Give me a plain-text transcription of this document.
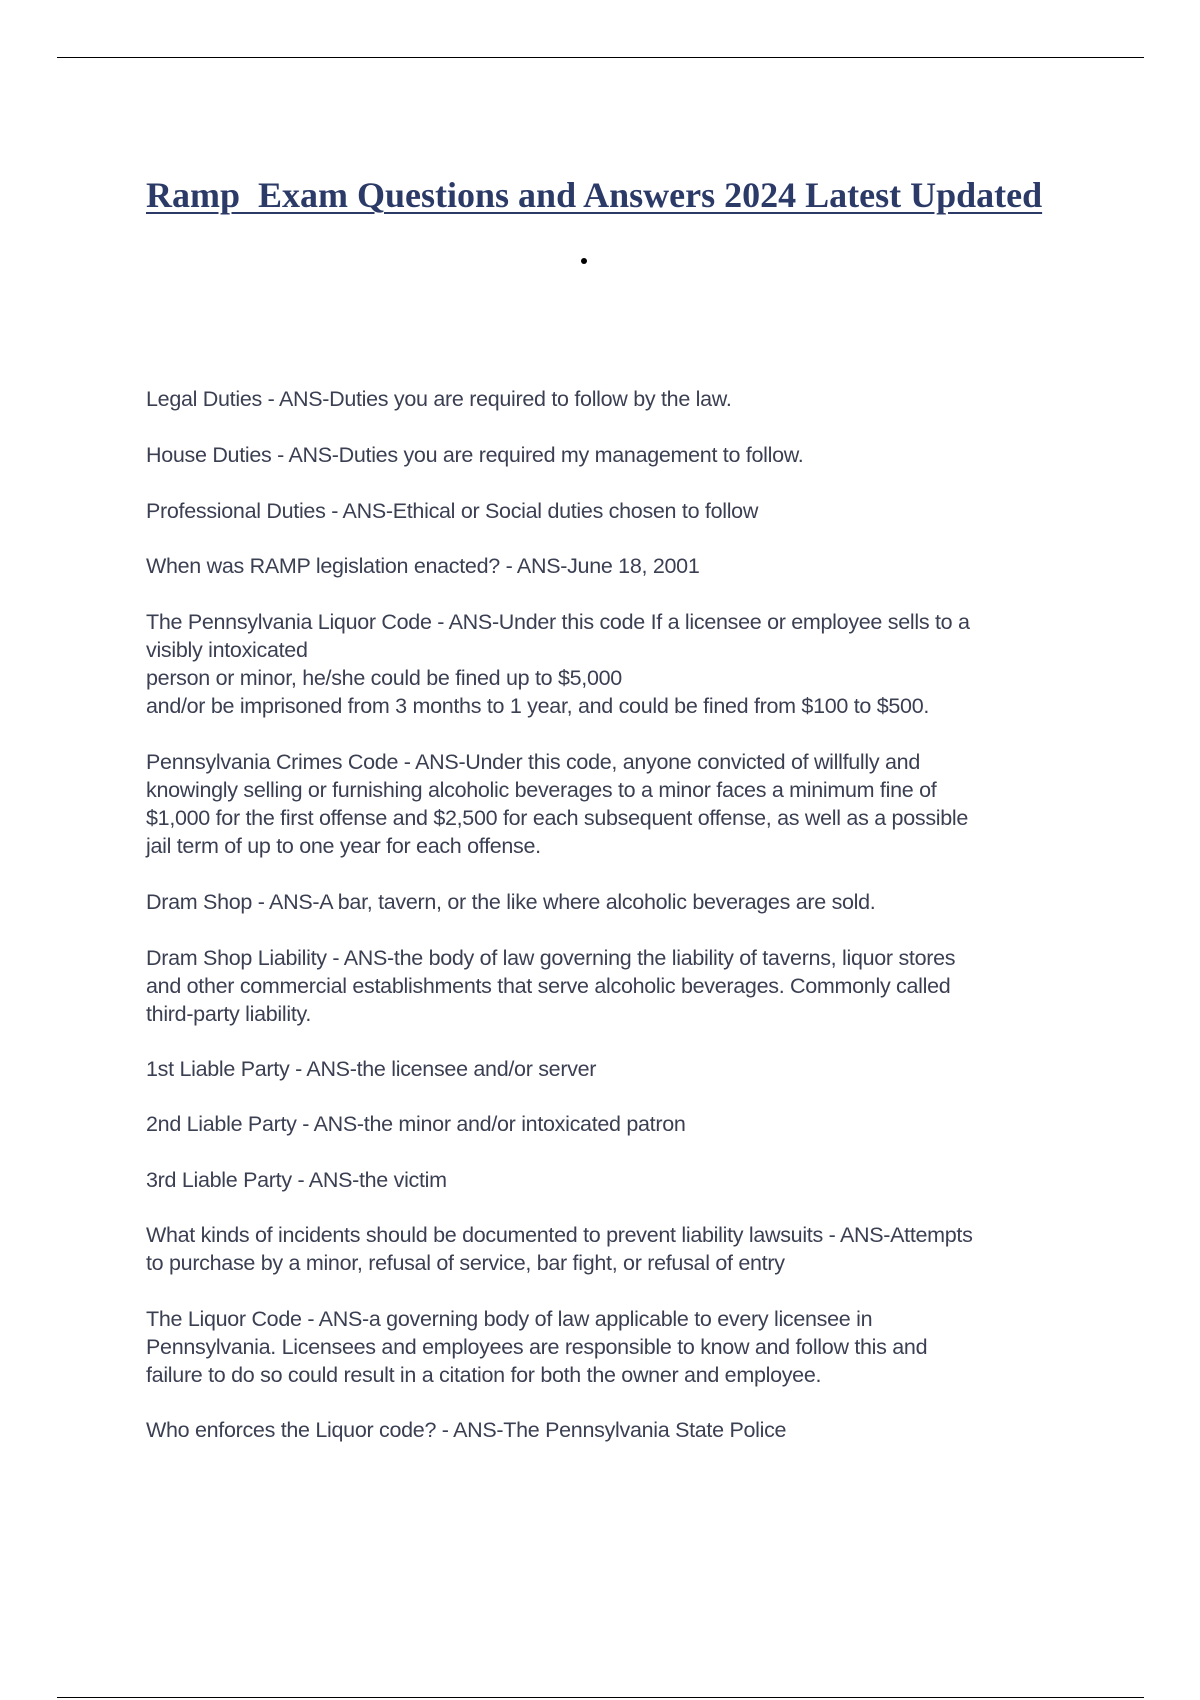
Ramp  Exam Questions and Answers 2024 Latest Updated
Legal Duties - ANS-Duties you are required to follow by the law.
House Duties - ANS-Duties you are required my management to follow.
Professional Duties - ANS-Ethical or Social duties chosen to follow
When was RAMP legislation enacted? - ANS-June 18, 2001
The Pennsylvania Liquor Code - ANS-Under this code If a licensee or employee sells to a
visibly intoxicated
person or minor, he/she could be fined up to $5,000
and/or be imprisoned from 3 months to 1 year, and could be fined from $100 to $500.
Pennsylvania Crimes Code - ANS-Under this code, anyone convicted of willfully and
knowingly selling or furnishing alcoholic beverages to a minor faces a minimum fine of
$1,000 for the first offense and $2,500 for each subsequent offense, as well as a possible
jail term of up to one year for each offense.
Dram Shop - ANS-A bar, tavern, or the like where alcoholic beverages are sold.
Dram Shop Liability - ANS-the body of law governing the liability of taverns, liquor stores
and other commercial establishments that serve alcoholic beverages. Commonly called
third-party liability.
1st Liable Party - ANS-the licensee and/or server
2nd Liable Party - ANS-the minor and/or intoxicated patron
3rd Liable Party - ANS-the victim
What kinds of incidents should be documented to prevent liability lawsuits - ANS-Attempts
to purchase by a minor, refusal of service, bar fight, or refusal of entry
The Liquor Code - ANS-a governing body of law applicable to every licensee in
Pennsylvania. Licensees and employees are responsible to know and follow this and
failure to do so could result in a citation for both the owner and employee.
Who enforces the Liquor code? - ANS-The Pennsylvania State Police
